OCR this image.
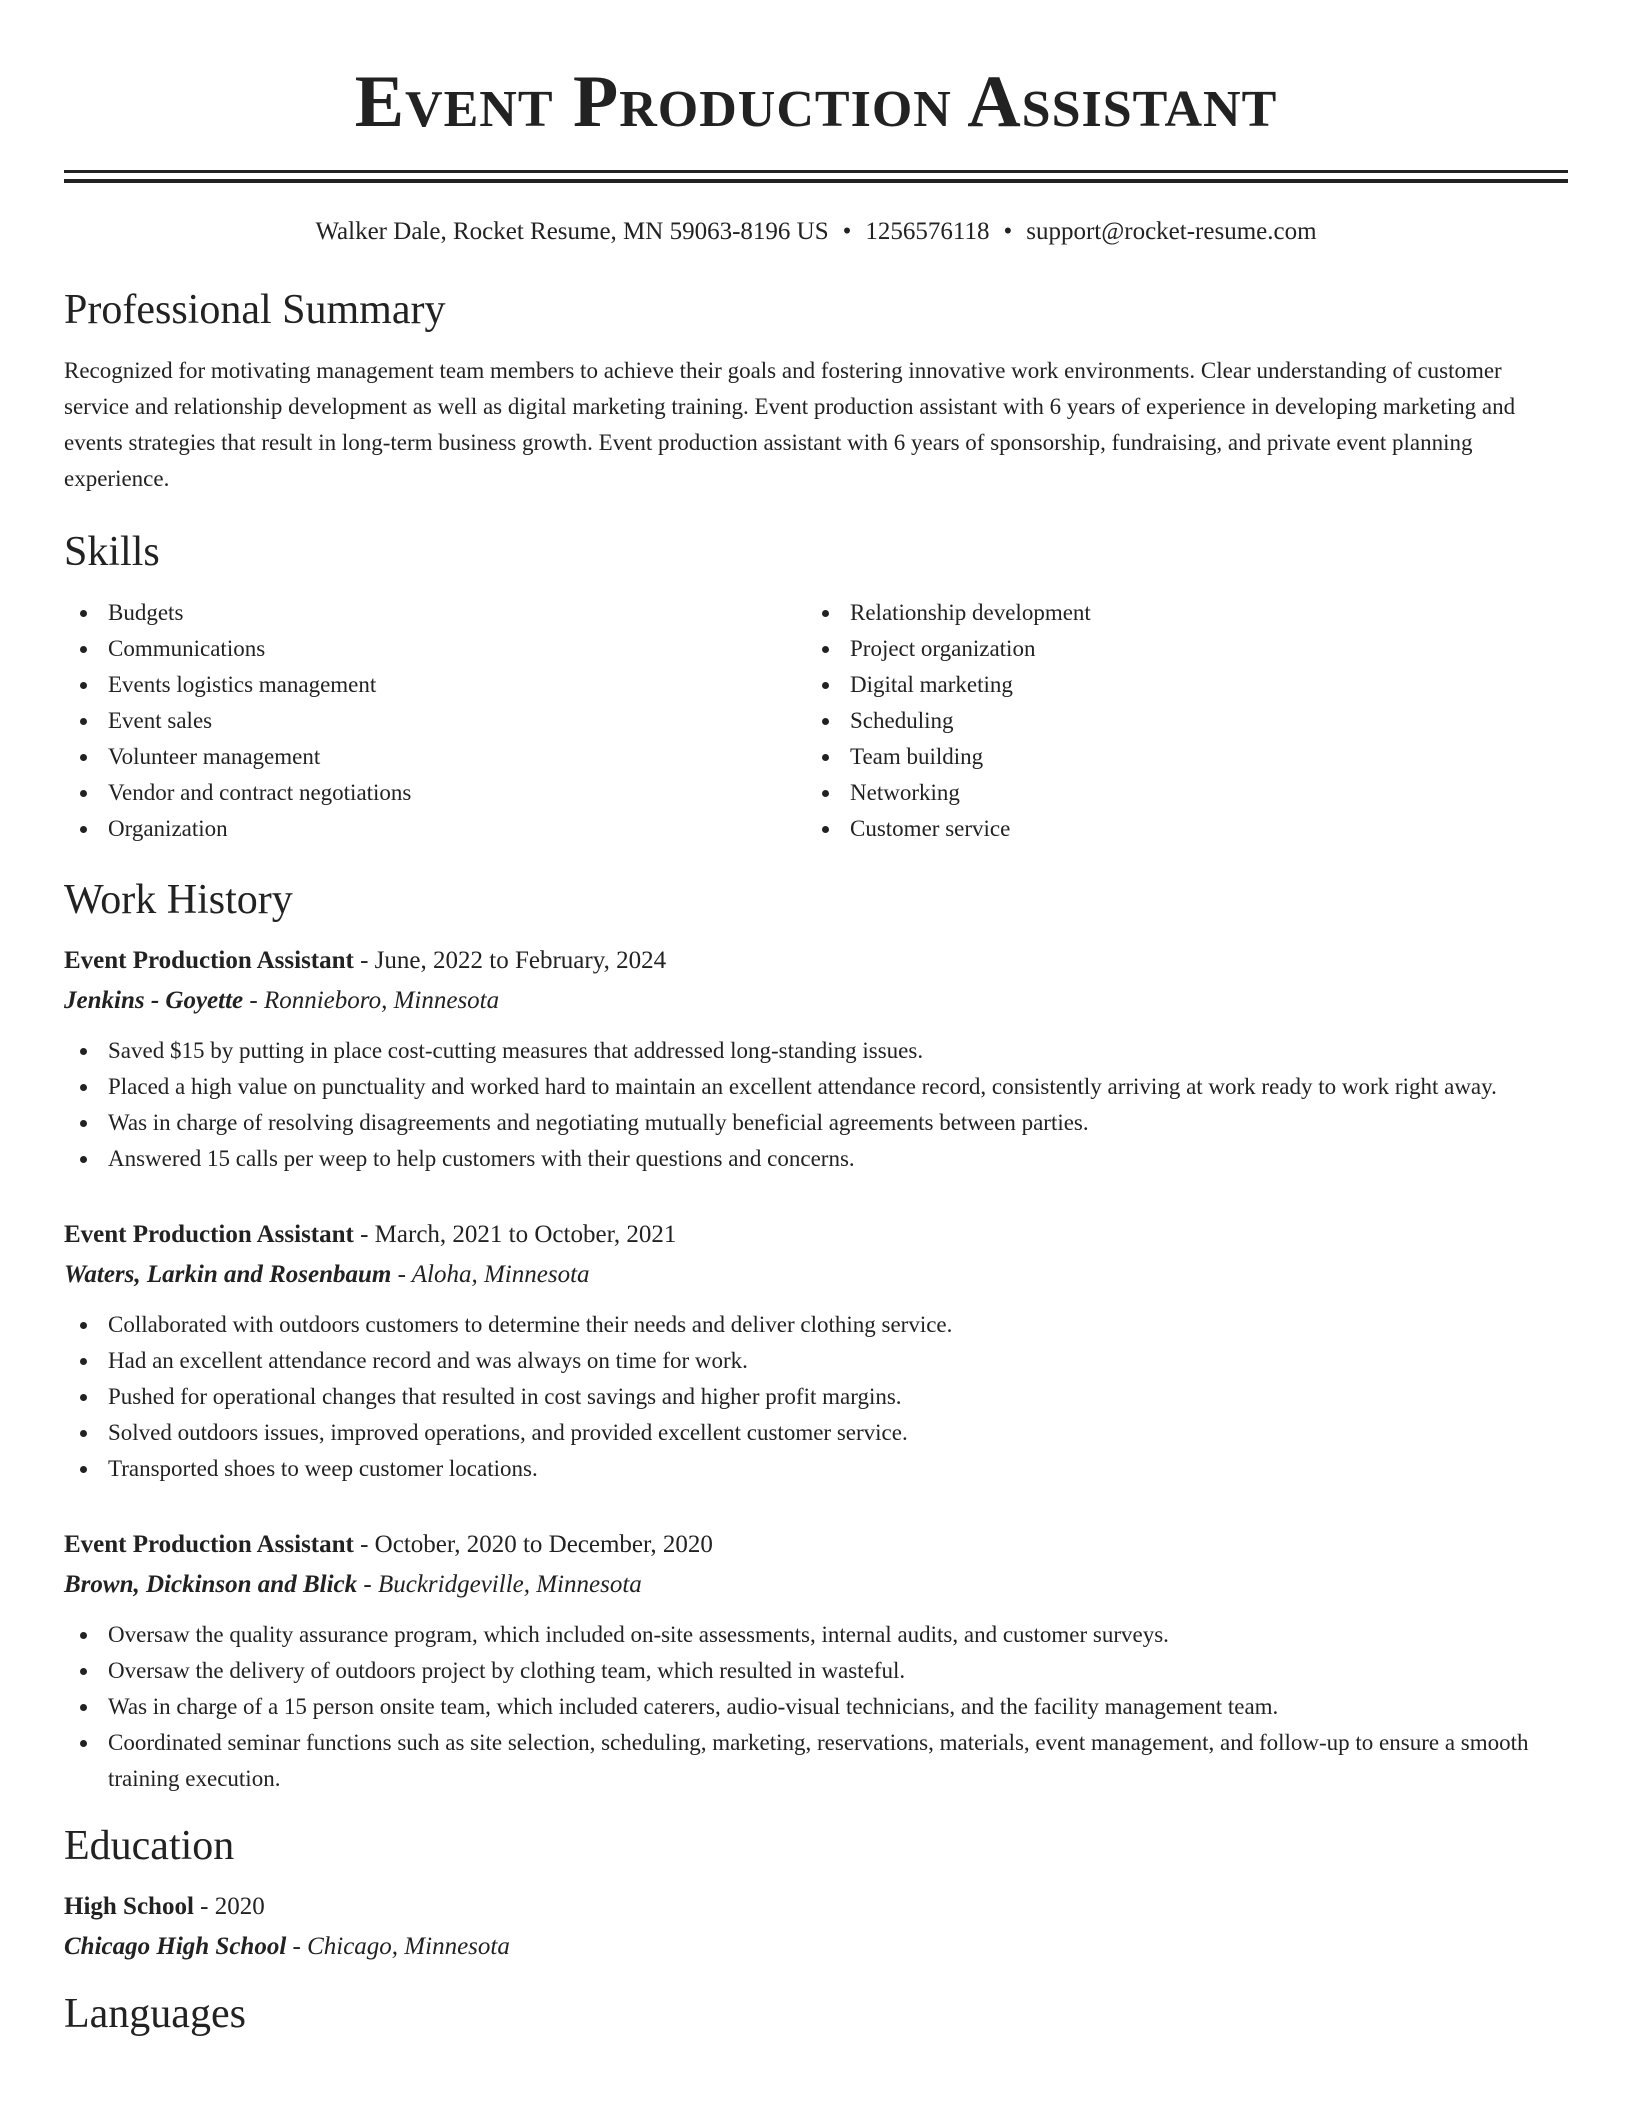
Event Production Assistant
Walker Dale, Rocket Resume, MN 59063-8196 US • 1256576118 • support@rocket-resume.com
Professional Summary

Recognized for motivating management team members to achieve their goals and fostering innovative work environments. Clear understanding of customer service and relationship development as well as digital marketing training. Event production assistant with 6 years of experience in developing marketing and events strategies that result in long-term business growth. Event production assistant with 6 years of sponsorship, fundraising, and private event planning experience.

Skills
Budgets
Communications
Events logistics management
Event sales
Volunteer management
Vendor and contract negotiations
Organization
Relationship development
Project organization
Digital marketing
Scheduling
Team building
Networking
Customer service
Work History
Event Production Assistant - June, 2022 to February, 2024
Jenkins - Goyette - Ronnieboro, Minnesota
Saved $15 by putting in place cost-cutting measures that addressed long-standing issues.
Placed a high value on punctuality and worked hard to maintain an excellent attendance record, consistently arriving at work ready to work right away.
Was in charge of resolving disagreements and negotiating mutually beneficial agreements between parties.
Answered 15 calls per weep to help customers with their questions and concerns.
Event Production Assistant - March, 2021 to October, 2021
Waters, Larkin and Rosenbaum - Aloha, Minnesota
Collaborated with outdoors customers to determine their needs and deliver clothing service.
Had an excellent attendance record and was always on time for work.
Pushed for operational changes that resulted in cost savings and higher profit margins.
Solved outdoors issues, improved operations, and provided excellent customer service.
Transported shoes to weep customer locations.
Event Production Assistant - October, 2020 to December, 2020
Brown, Dickinson and Blick - Buckridgeville, Minnesota
Oversaw the quality assurance program, which included on-site assessments, internal audits, and customer surveys.
Oversaw the delivery of outdoors project by clothing team, which resulted in wasteful.
Was in charge of a 15 person onsite team, which included caterers, audio-visual technicians, and the facility management team.
Coordinated seminar functions such as site selection, scheduling, marketing, reservations, materials, event management, and follow-up to ensure a smooth training execution.
Education
High School - 2020
Chicago High School - Chicago, Minnesota
Languages
